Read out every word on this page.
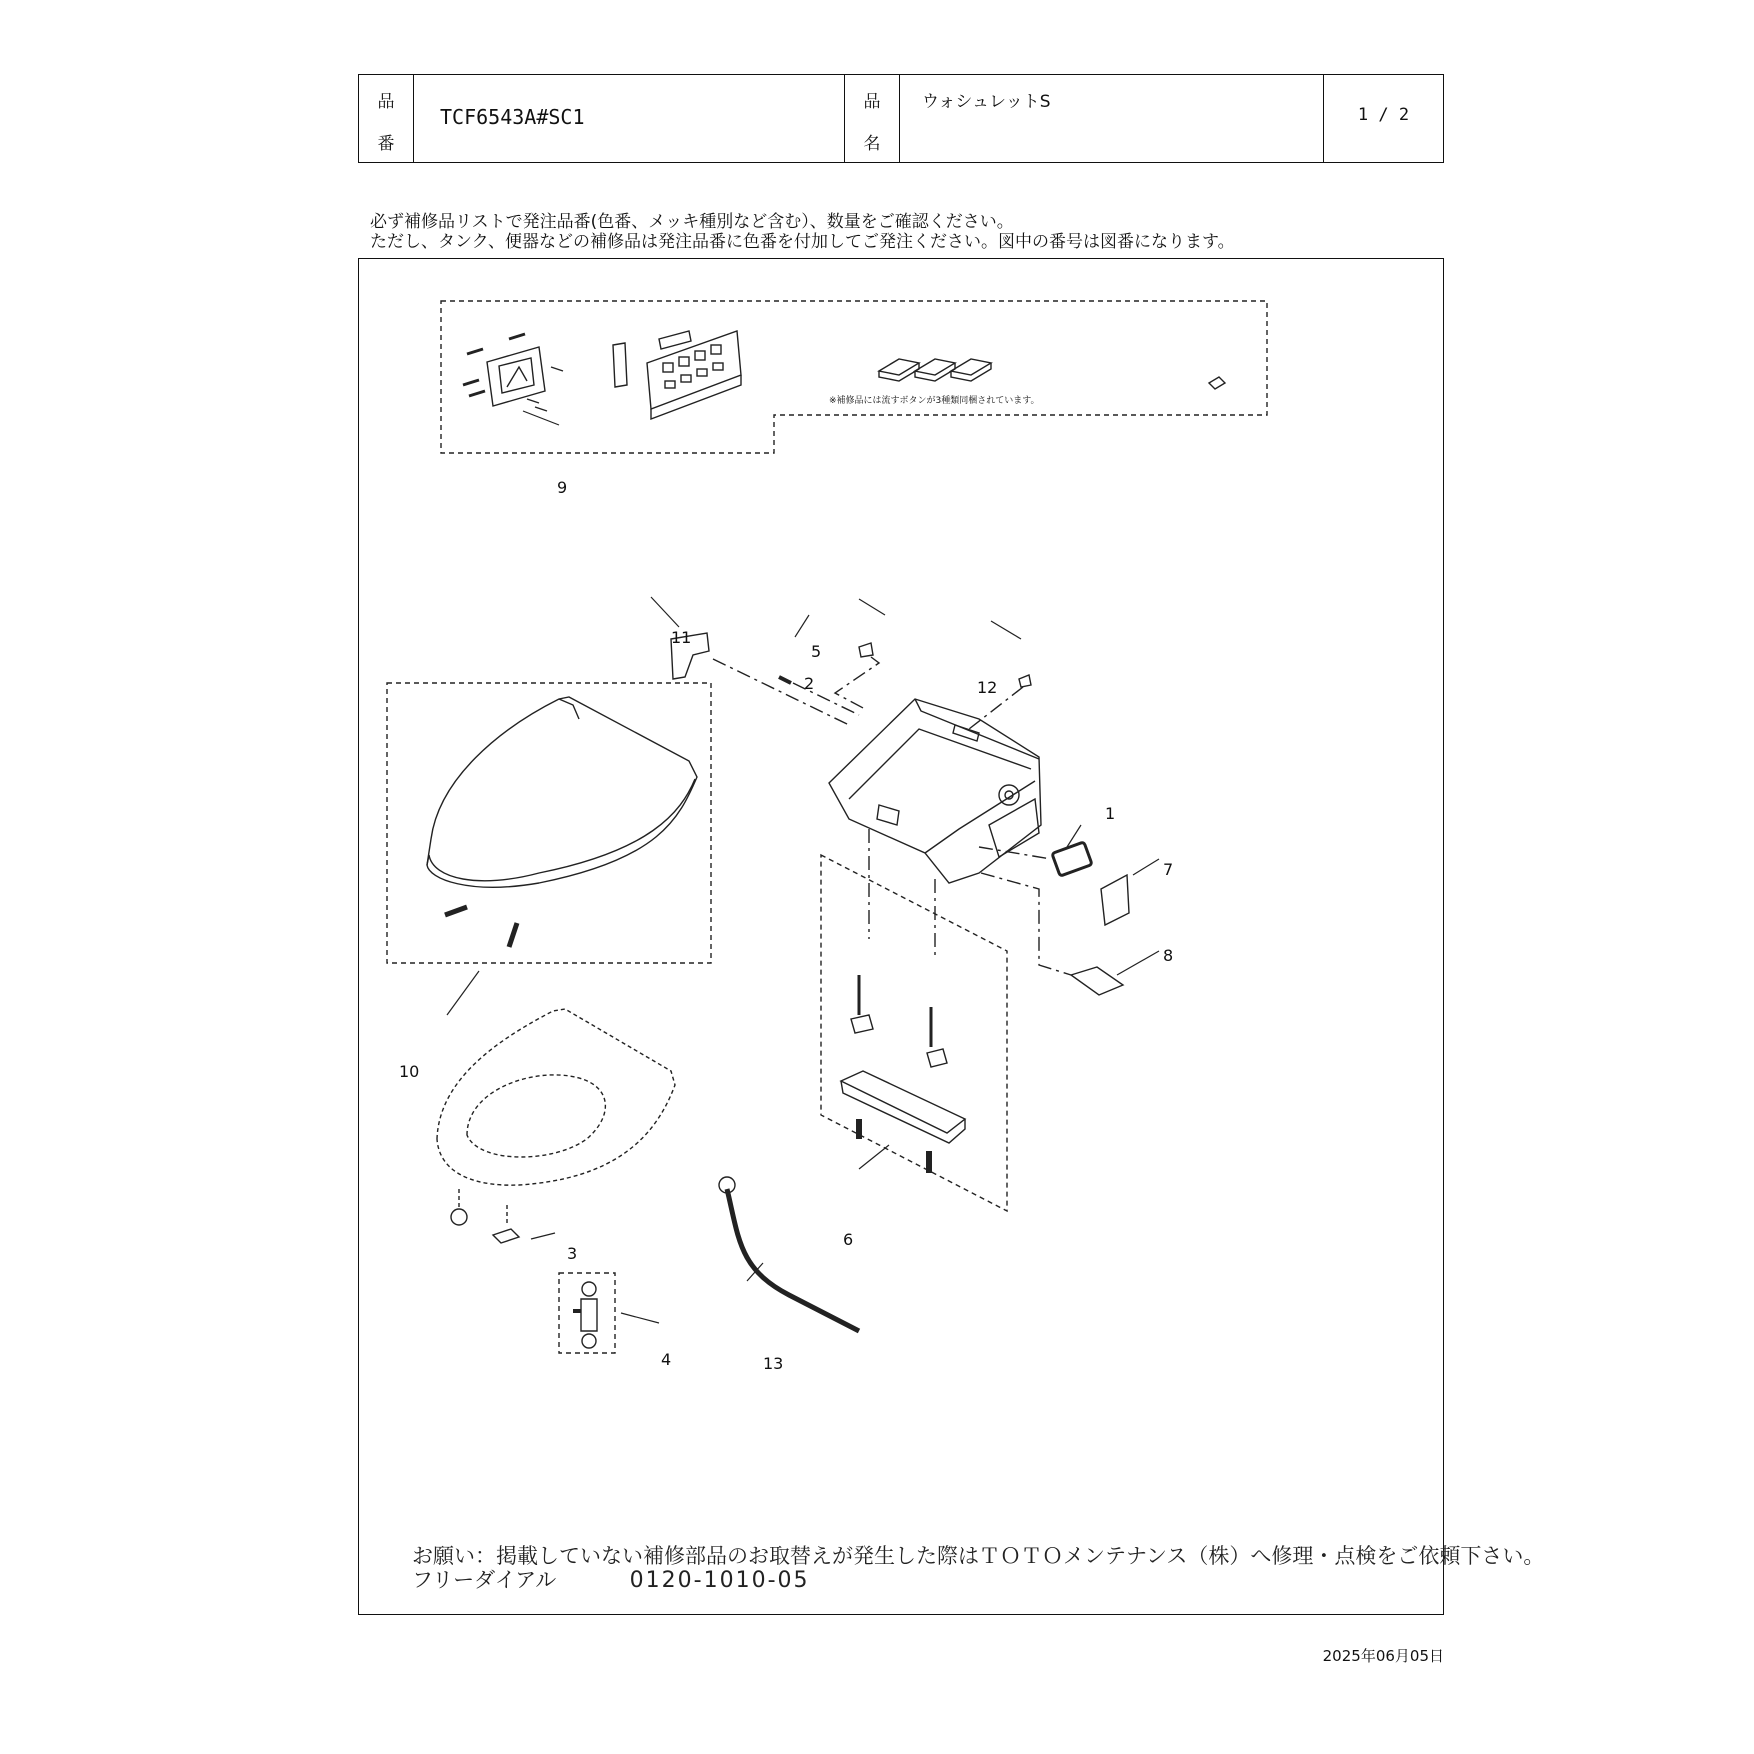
品
番
TCF6543A#SC1
品
名
ウォシュレットS
1 / 2
必ず補修品リストで発注品番(色番、メッキ種別など含む）、数量をご確認ください。
ただし、タンク、便器などの補修品は発注品番に色番を付加してご発注ください。図中の番号は図番になります。
※補修品には流すボタンが3種類同梱されています。
1
2
3
4
5
6
7
8
9
10
11
12
13
お願い：掲載していない補修部品のお取替えが発生した際はＴＯＴＯメンテナンス（株）へ修理・点検をご依頼下さい。
フリーダイアル	0120-1010-05
2025年06月05日
